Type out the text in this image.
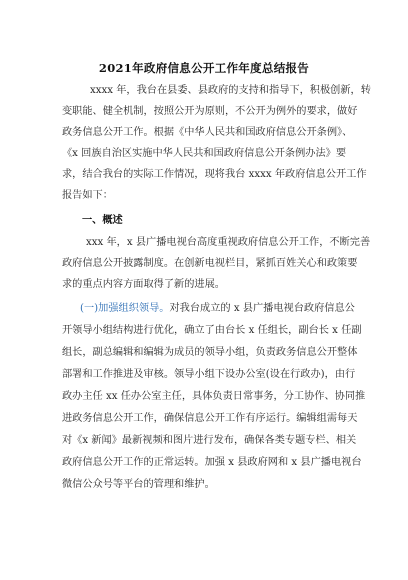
2021年政府信息公开工作年度总结报告
xxxx 年，我台在县委、县政府的支持和指导下，积极创新，转
变职能、健全机制，按照公开为原则，不公开为例外的要求，做好
政务信息公开工作。根据《中华人民共和国政府信息公开条例》、
《x 回族自治区实施中华人民共和国政府信息公开条例办法》要
求，结合我台的实际工作情况，现将我台 xxxx 年政府信息公开工作
报告如下：
一、概述
xxx 年，x 县广播电视台高度重视政府信息公开工作，不断完善
政府信息公开披露制度。在创新电视栏目，紧抓百姓关心和政策要
求的重点内容方面取得了新的进展。
(一)加强组织领导。对我台成立的 x 县广播电视台政府信息公
开领导小组结构进行优化，确立了由台长 x 任组长，副台长 x 任副
组长，副总编辑和编辑为成员的领导小组，负责政务信息公开整体
部署和工作推进及审核。领导小组下设办公室(设在行政办)，由行
政办主任 xx 任办公室主任，具体负责日常事务，分工协作、协同推
进政务信息公开工作，确保信息公开工作有序运行。编辑组需每天
对《x 新闻》最新视频和图片进行发布，确保各类专题专栏、相关
政府信息公开工作的正常运转。加强 x 县政府网和 x 县广播电视台
微信公众号等平台的管理和维护。
